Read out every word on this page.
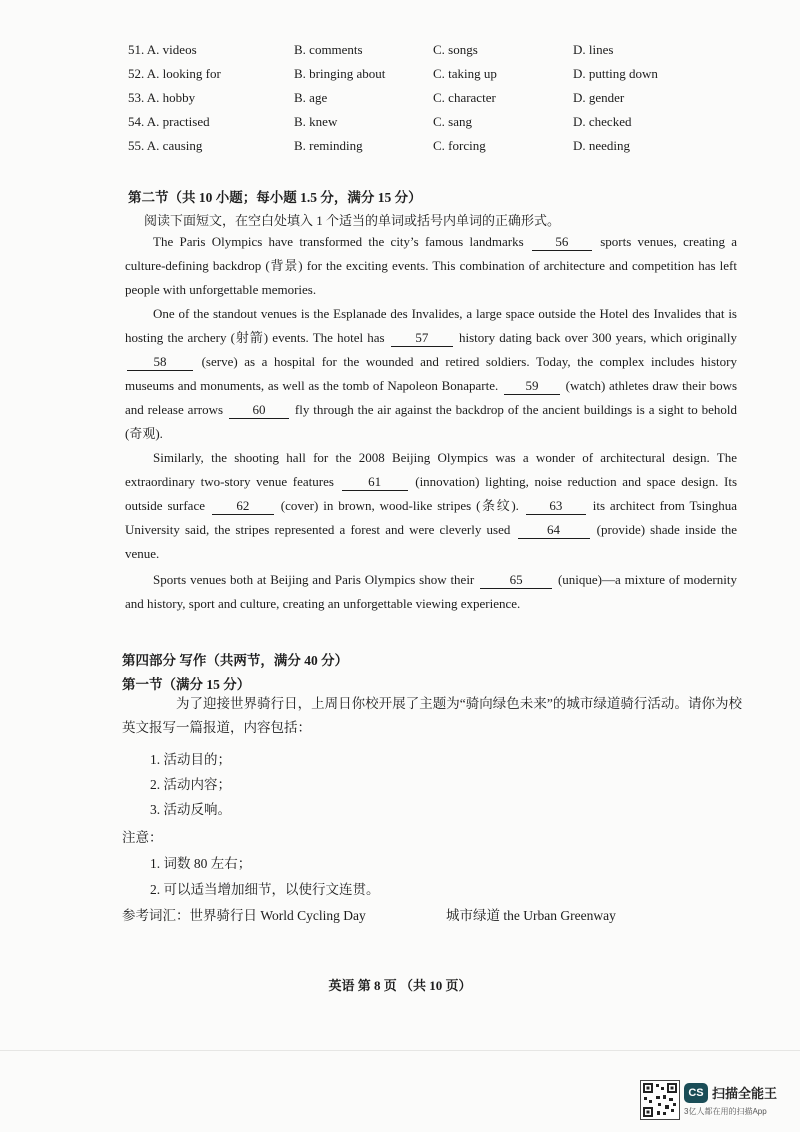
51. A. videos	B. comments	C. songs	D. lines
52. A. looking for	B. bringing about	C. taking up	D. putting down
53. A. hobby	B. age	C. character	D. gender
54. A. practised	B. knew	C. sang	D. checked
55. A. causing	B. reminding	C. forcing	D. needing
第二节（共 10 小题；每小题 1.5 分，满分 15 分）
阅读下面短文，在空白处填入 1 个适当的单词或括号内单词的正确形式。
The Paris Olympics have transformed the city’s famous landmarks 56 sports venues, creating a culture-defining backdrop (背景) for the exciting events. This combination of architecture and competition has left people with unforgettable memories.
One of the standout venues is the Esplanade des Invalides, a large space outside the Hotel des Invalides that is hosting the archery (射箭) events. The hotel has 57 history dating back over 300 years, which originally 58	(serve) as a hospital for the wounded and retired soldiers. Today, the complex includes history museums and monuments, as well as the tomb of Napoleon Bonaparte. 59 (watch) athletes draw their bows and release arrows 60 fly through the air against the backdrop of the ancient buildings is a sight to behold (奇观).
Similarly, the shooting hall for the 2008 Beijing Olympics was a wonder of architectural design. The extraordinary two-story venue features	61	(innovation) lighting, noise reduction and space design. Its outside surface 62 (cover) in brown, wood-like stripes (条纹). 63 its architect from Tsinghua University said, the stripes represented a forest and were cleverly used	64	(provide) shade inside the venue.
Sports venues both at Beijing and Paris Olympics show their	65	(unique)—a mixture of modernity and history, sport and culture, creating an unforgettable viewing experience.
第四部分 写作（共两节，满分 40 分）
第一节（满分 15 分）
为了迎接世界骑行日，上周日你校开展了主题为“骑向绿色未来”的城市绿道骑行活动。请你为校英文报写一篇报道，内容包括：
1. 活动目的；
2. 活动内容；
3. 活动反响。
注意：
1. 词数 80 左右；
2. 可以适当增加细节，以使行文连贯。
参考词汇：世界骑行日 World Cycling Day	城市绿道 the Urban Greenway
英语 第 8 页 （共 10 页）
CS 扫描全能王
3亿人都在用的扫描App
